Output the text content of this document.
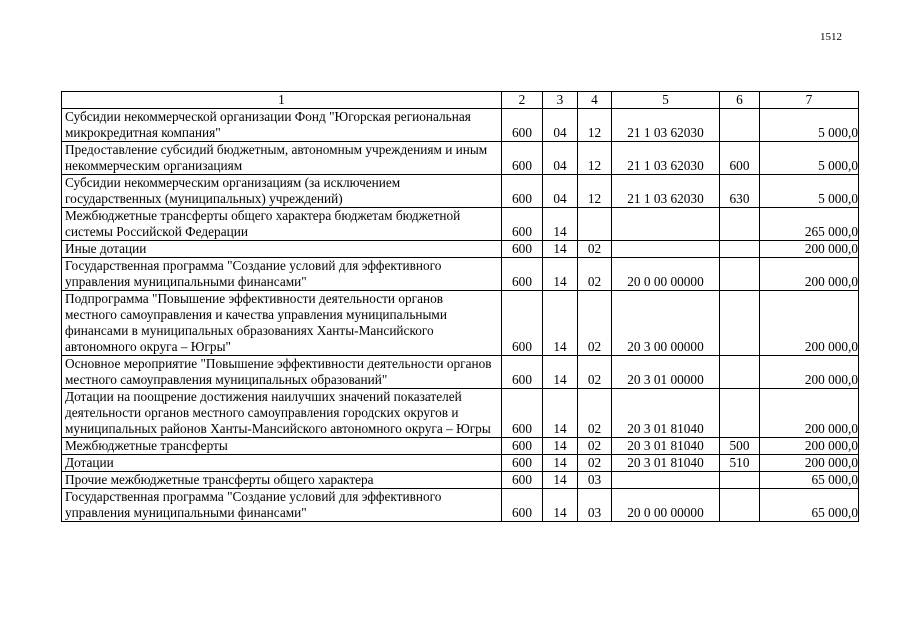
1512
1	2	3	4	5	6	7
Субсидии некоммерческой организации Фонд "Югорская региональная микрокредитная компания"	600	04	12	21 1 03 62030		5 000,0
Предоставление субсидий бюджетным, автономным учреждениям и иным некоммерческим организациям	600	04	12	21 1 03 62030	600	5 000,0
Субсидии некоммерческим организациям (за исключением государственных (муниципальных) учреждений)	600	04	12	21 1 03 62030	630	5 000,0
Межбюджетные трансферты общего характера бюджетам бюджетной системы Российской Федерации	600	14				265 000,0
Иные дотации	600	14	02			200 000,0
Государственная программа "Создание условий для эффективного управления муниципальными финансами"	600	14	02	20 0 00 00000		200 000,0
Подпрограмма "Повышение эффективности деятельности органов местного самоуправления и качества управления муниципальными финансами в муниципальных образованиях Ханты-Мансийского автономного округа – Югры"	600	14	02	20 3 00 00000		200 000,0
Основное мероприятие "Повышение эффективности деятельности органов местного самоуправления муниципальных образований"	600	14	02	20 3 01 00000		200 000,0
Дотации на поощрение достижения наилучших значений показателей деятельности органов местного самоуправления городских округов и муниципальных районов Ханты-Мансийского автономного округа – Югры	600	14	02	20 3 01 81040		200 000,0
Межбюджетные трансферты	600	14	02	20 3 01 81040	500	200 000,0
Дотации	600	14	02	20 3 01 81040	510	200 000,0
Прочие межбюджетные трансферты общего характера	600	14	03			65 000,0
Государственная программа "Создание условий для эффективного управления муниципальными финансами"	600	14	03	20 0 00 00000		65 000,0
